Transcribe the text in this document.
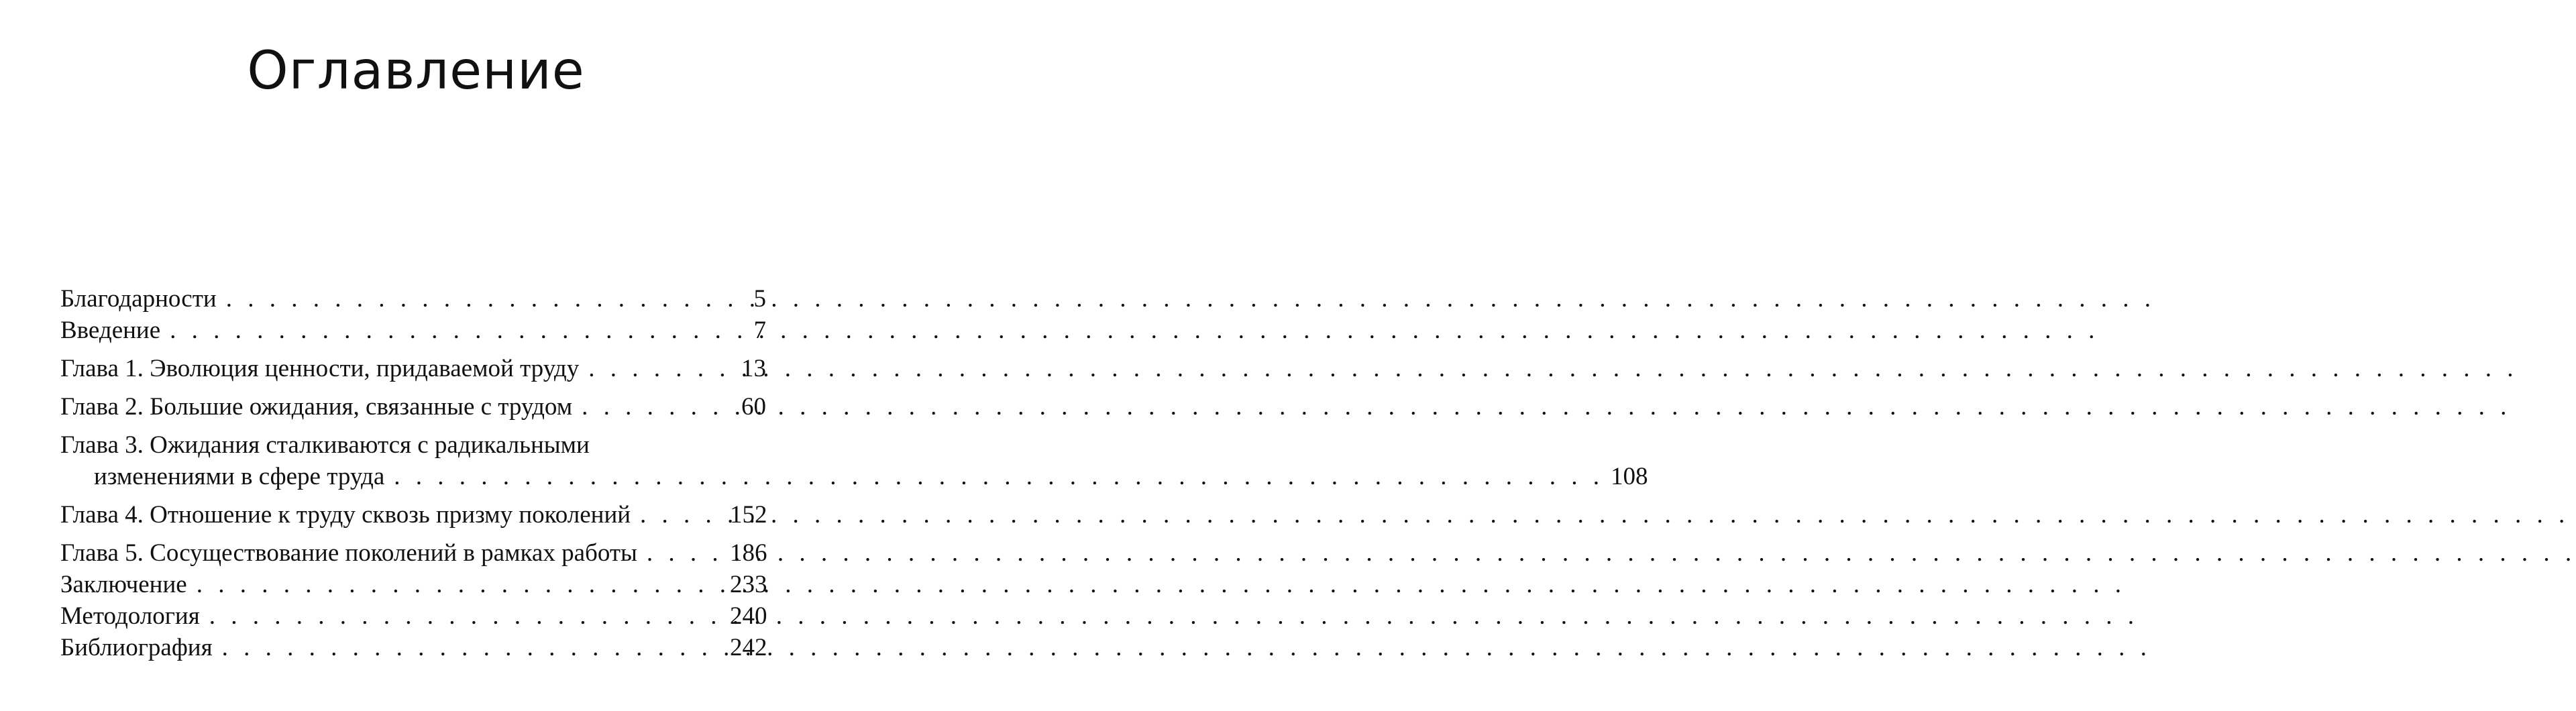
Оглавление
Благодарности . . .	5
Введение . . .	7
Глава 1. Эволюция ценности, придаваемой труду . . .	13
Глава 2. Большие ожидания, связанные с трудом . . .	60
Глава 3. Ожидания сталкиваются с радикальными
изменениями в сфере труда . . . . . . . . . . . . . . . . . . . . . . . . . . . . . . . . . . . . . . . . . . . . . . . . . . . . . . . . 108
Глава 4. Отношение к труду сквозь призму поколений . . .	152
Глава 5. Сосуществование поколений в рамках работы . . .	186
Заключение . . .	233
Методология . . .	240
Библиография . . .	242
